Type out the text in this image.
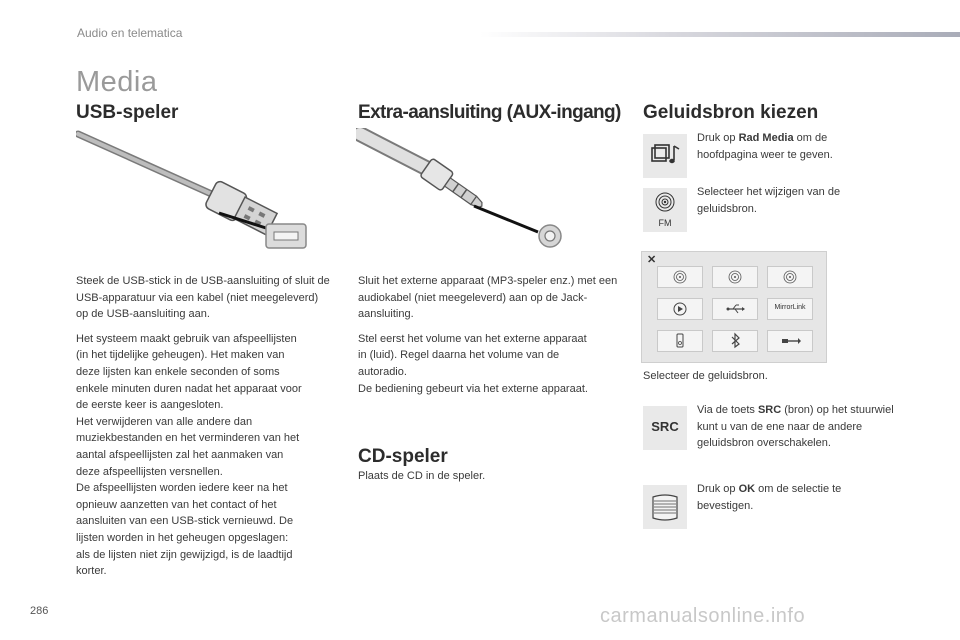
Audio en telematica
Media
USB-speler

Steek de USB-stick in de USB-aansluiting of sluit de USB-apparatuur via een kabel (niet meegeleverd) op de USB-aansluiting aan.

Het systeem maakt gebruik van afspeellijsten
(in het tijdelijke geheugen). Het maken van
deze lijsten kan enkele seconden of soms
enkele minuten duren nadat het apparaat voor
de eerste keer is aangesloten.
Het verwijderen van alle andere dan
muziekbestanden en het verminderen van het
aantal afspeellijsten zal het aanmaken van
deze afspeellijsten versnellen.
De afspeellijsten worden iedere keer na het
opnieuw aanzetten van het contact of het
aansluiten van een USB-stick vernieuwd. De
lijsten worden in het geheugen opgeslagen:
als de lijsten niet zijn gewijzigd, is de laadtijd
korter.
Extra-aansluiting (AUX-ingang)

Sluit het externe apparaat (MP3-speler enz.) met een audiokabel (niet meegeleverd) aan op de Jack-aansluiting.

Stel eerst het volume van het externe apparaat
in (luid). Regel daarna het volume van de
autoradio.
De bediening gebeurt via het externe apparaat.
CD-speler
Plaats de CD in de speler.
Geluidsbron kiezen
Druk op Rad Media om de hoofdpagina weer te geven.
FM
Selecteer het wijzigen van de geluidsbron.
✕
MirrorLink
Selecteer de geluidsbron.
SRC
Via de toets SRC (bron) op het stuurwiel kunt u van de ene naar de andere geluidsbron overschakelen.
Druk op OK om de selectie te bevestigen.
286	carmanualsonline.info
